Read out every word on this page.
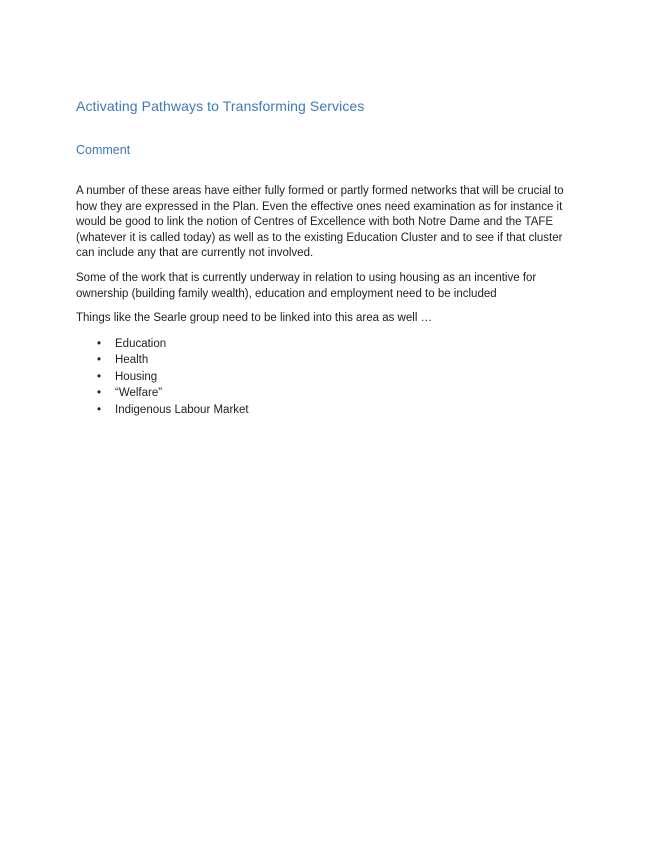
Activating Pathways to Transforming Services
Comment

A number of these areas have either fully formed or partly formed networks that will be crucial to how they are expressed in the Plan. Even the effective ones need examination as for instance it would be good to link the notion of Centres of Excellence with both Notre Dame and the TAFE (whatever it is called today) as well as to the existing Education Cluster and to see if that cluster can include any that are currently not involved.

Some of the work that is currently underway in relation to using housing as an incentive for ownership (building family wealth), education and employment need to be included

Things like the Searle group need to be linked into this area as well …

• Education
• Health
• Housing
• “Welfare”
• Indigenous Labour Market
